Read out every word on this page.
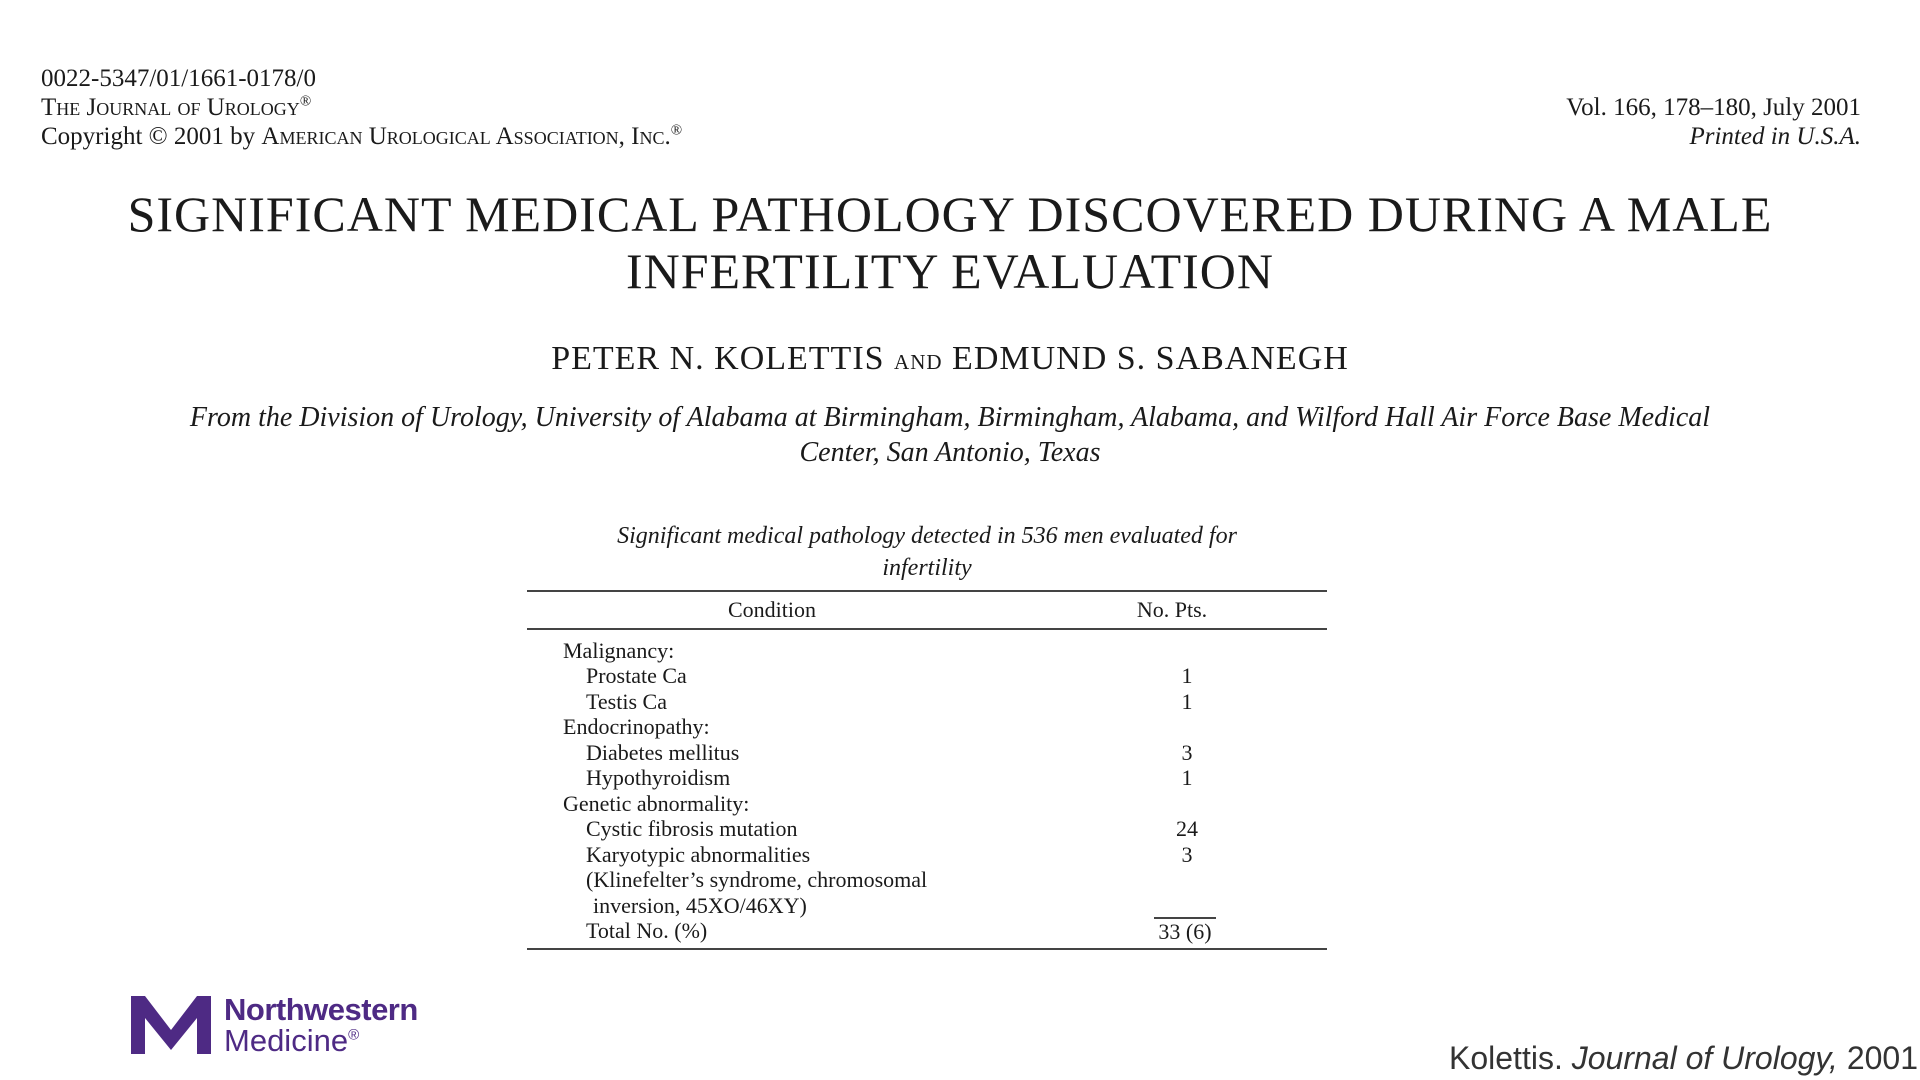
0022-5347/01/1661-0178/0
The Journal of Urology®
Copyright © 2001 by American Urological Association, Inc.®
Vol. 166, 178–180, July 2001
Printed in U.S.A.
SIGNIFICANT MEDICAL PATHOLOGY DISCOVERED DURING A MALE
INFERTILITY EVALUATION
PETER N. KOLETTIS and EDMUND S. SABANEGH
From the Division of Urology, University of Alabama at Birmingham, Birmingham, Alabama, and Wilford Hall Air Force Base Medical
Center, San Antonio, Texas
Significant medical pathology detected in 536 men evaluated for
infertility
Condition	No. Pts.
Malignancy:
Prostate Ca	1
Testis Ca	1
Endocrinopathy:
Diabetes mellitus	3
Hypothyroidism	1
Genetic abnormality:
Cystic fibrosis mutation	24
Karyotypic abnormalities	3
(Klinefelter’s syndrome, chromosomal
inversion, 45XO/46XY)
Total No. (%)	33 (6)
Northwestern
Medicine®
Kolettis. Journal of Urology, 2001
